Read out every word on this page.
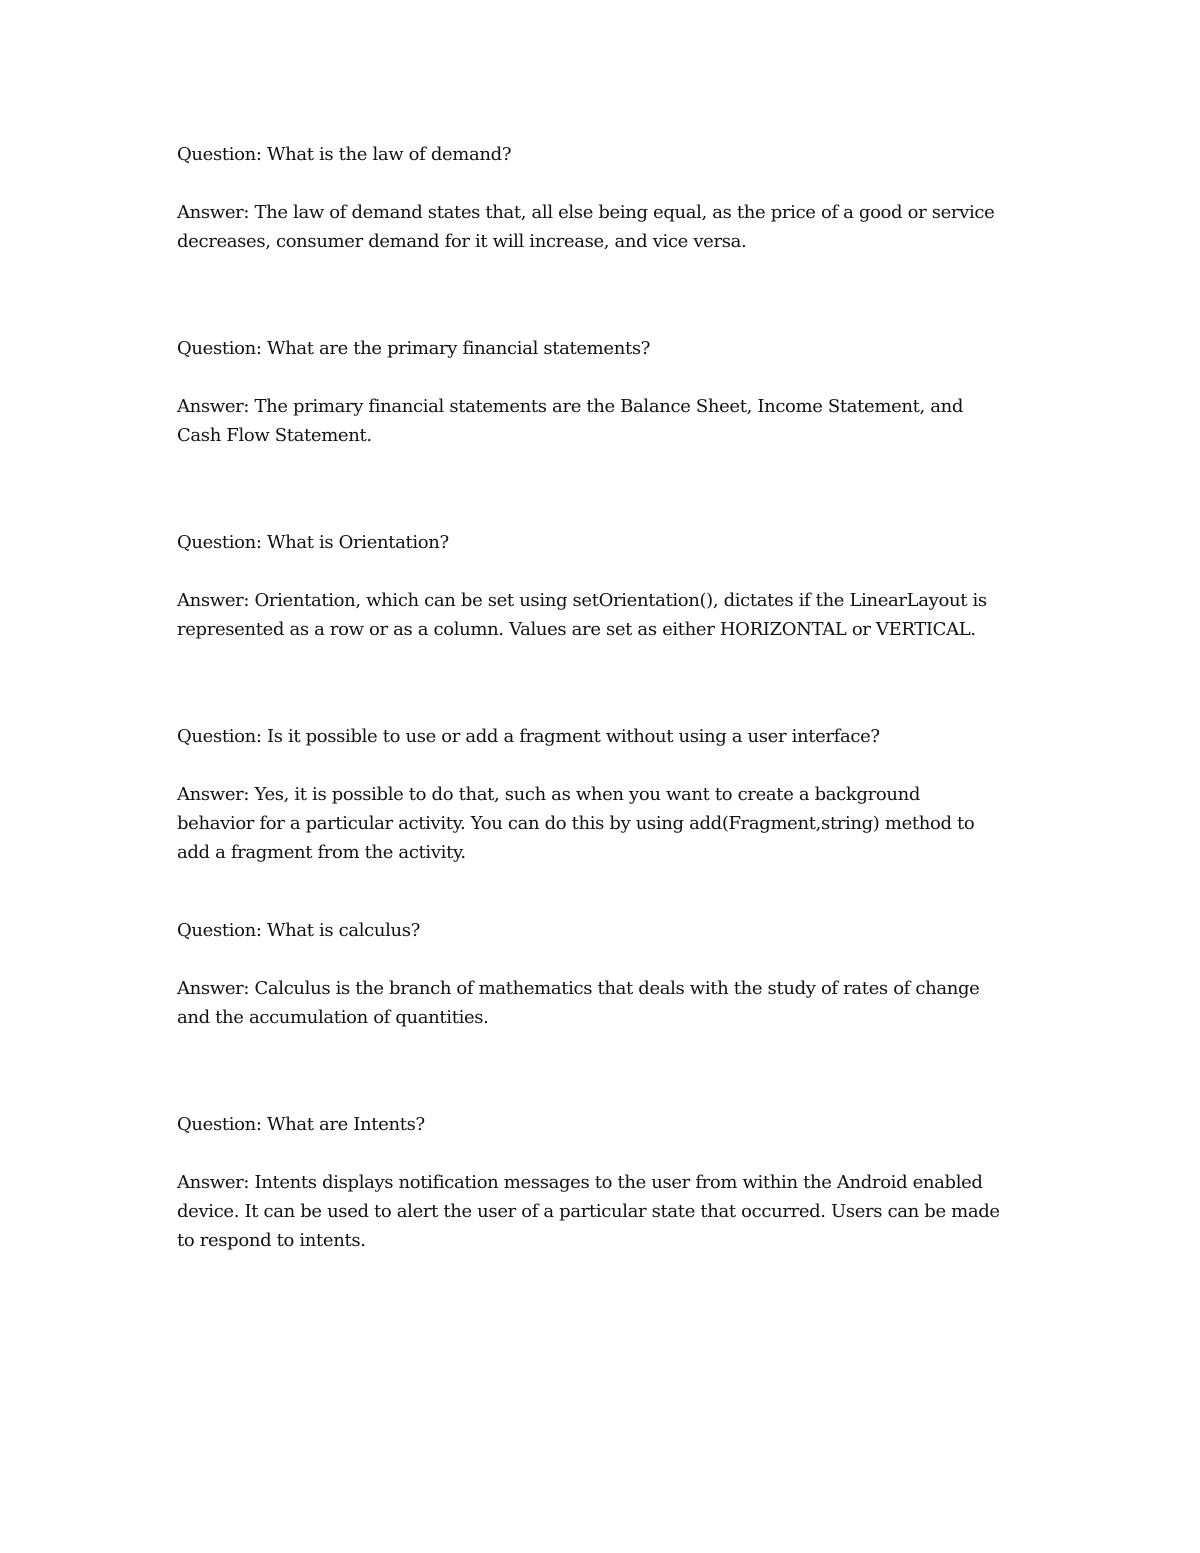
Question: What is the law of demand?

Answer: The law of demand states that, all else being equal, as the price of a good or service
decreases, consumer demand for it will increase, and vice versa.

Question: What are the primary financial statements?

Answer: The primary financial statements are the Balance Sheet, Income Statement, and
Cash Flow Statement.

Question: What is Orientation?

Answer: Orientation, which can be set using setOrientation(), dictates if the LinearLayout is
represented as a row or as a column. Values are set as either HORIZONTAL or VERTICAL.

Question: Is it possible to use or add a fragment without using a user interface?

Answer: Yes, it is possible to do that, such as when you want to create a background
behavior for a particular activity. You can do this by using add(Fragment,string) method to
add a fragment from the activity.

Question: What is calculus?

Answer: Calculus is the branch of mathematics that deals with the study of rates of change
and the accumulation of quantities.

Question: What are Intents?

Answer: Intents displays notification messages to the user from within the Android enabled
device. It can be used to alert the user of a particular state that occurred. Users can be made
to respond to intents.
